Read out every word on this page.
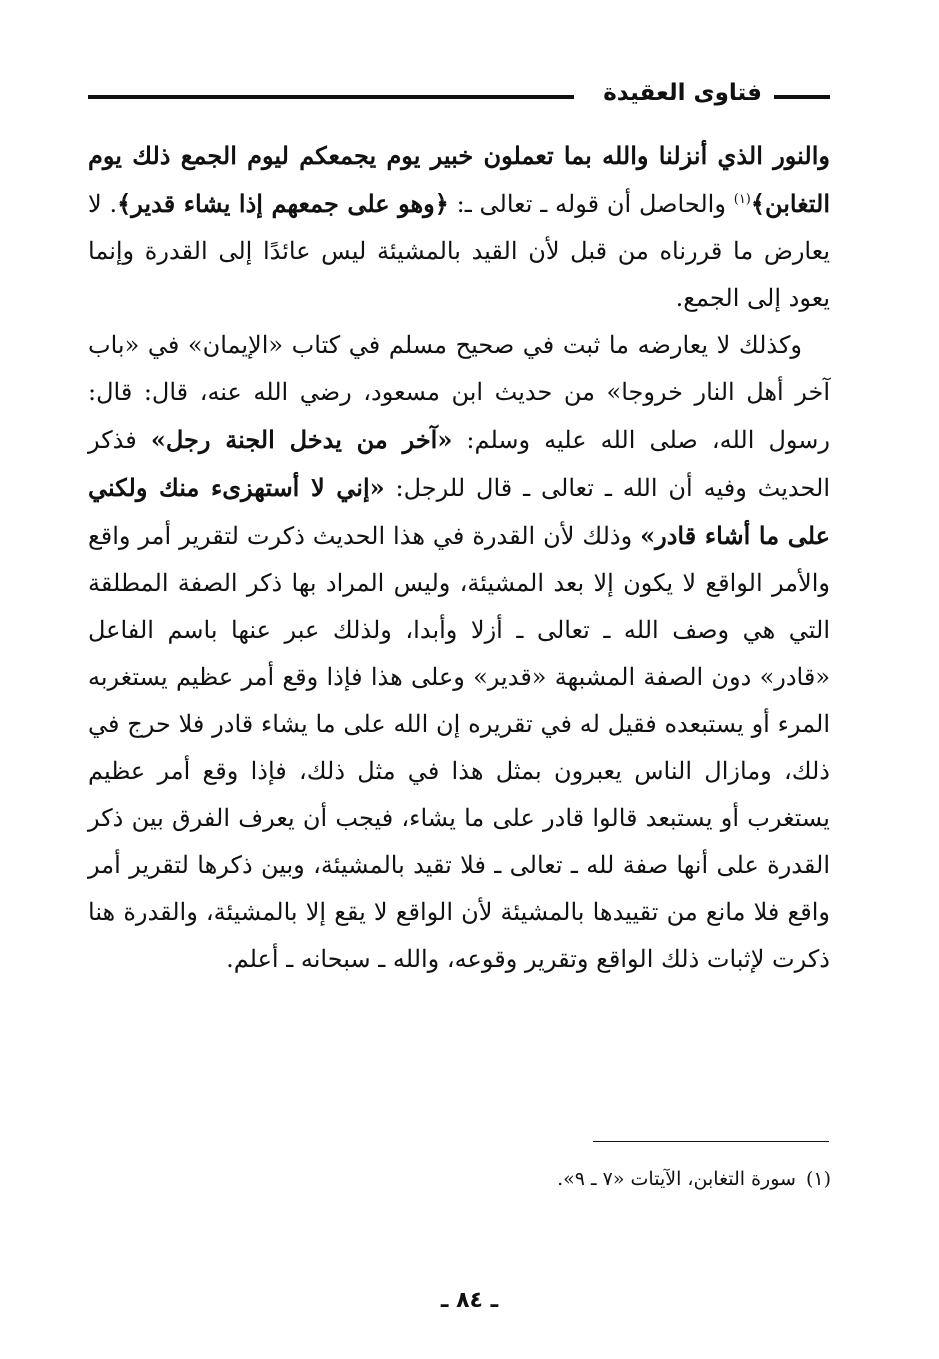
فتاوى العقيدة

والنور الذي أنزلنا والله بما تعملون خبير يوم يجمعكم ليوم الجمع ذلك يوم التغابن﴾$^{(١)}$ والحاصل أن قوله ـ تعالى ـ: ﴿وهو على جمعهم إذا يشاء قدير﴾. لا يعارض ما قررناه من قبل لأن القيد بالمشيئة ليس عائدًا إلى القدرة وإنما يعود إلى الجمع.

وكذلك لا يعارضه ما ثبت في صحيح مسلم في كتاب «الإيمان» في «باب آخر أهل النار خروجا» من حديث ابن مسعود، رضي الله عنه، قال: قال: رسول الله، صلى الله عليه وسلم: «آخر من يدخل الجنة رجل» فذكر الحديث وفيه أن الله ـ تعالى ـ قال للرجل: «إني لا أستهزىء منك ولكني على ما أشاء قادر» وذلك لأن القدرة في هذا الحديث ذكرت لتقرير أمر واقع والأمر الواقع لا يكون إلا بعد المشيئة، وليس المراد بها ذكر الصفة المطلقة التي هي وصف الله ـ تعالى ـ أزلا وأبدا، ولذلك عبر عنها باسم الفاعل «قادر» دون الصفة المشبهة «قدير» وعلى هذا فإذا وقع أمر عظيم يستغربه المرء أو يستبعده فقيل له في تقريره إن الله على ما يشاء قادر فلا حرج في ذلك، ومازال الناس يعبرون بمثل هذا في مثل ذلك، فإذا وقع أمر عظيم يستغرب أو يستبعد قالوا قادر على ما يشاء، فيجب أن يعرف الفرق بين ذكر القدرة على أنها صفة لله ـ تعالى ـ فلا تقيد بالمشيئة، وبين ذكرها لتقرير أمر واقع فلا مانع من تقييدها بالمشيئة لأن الواقع لا يقع إلا بالمشيئة، والقدرة هنا ذكرت لإثبات ذلك الواقع وتقرير وقوعه، والله ـ سبحانه ـ أعلم.

(١)سورة التغابن، الآيتات «٧ ـ ٩».
ـ ٨٤ ـ
